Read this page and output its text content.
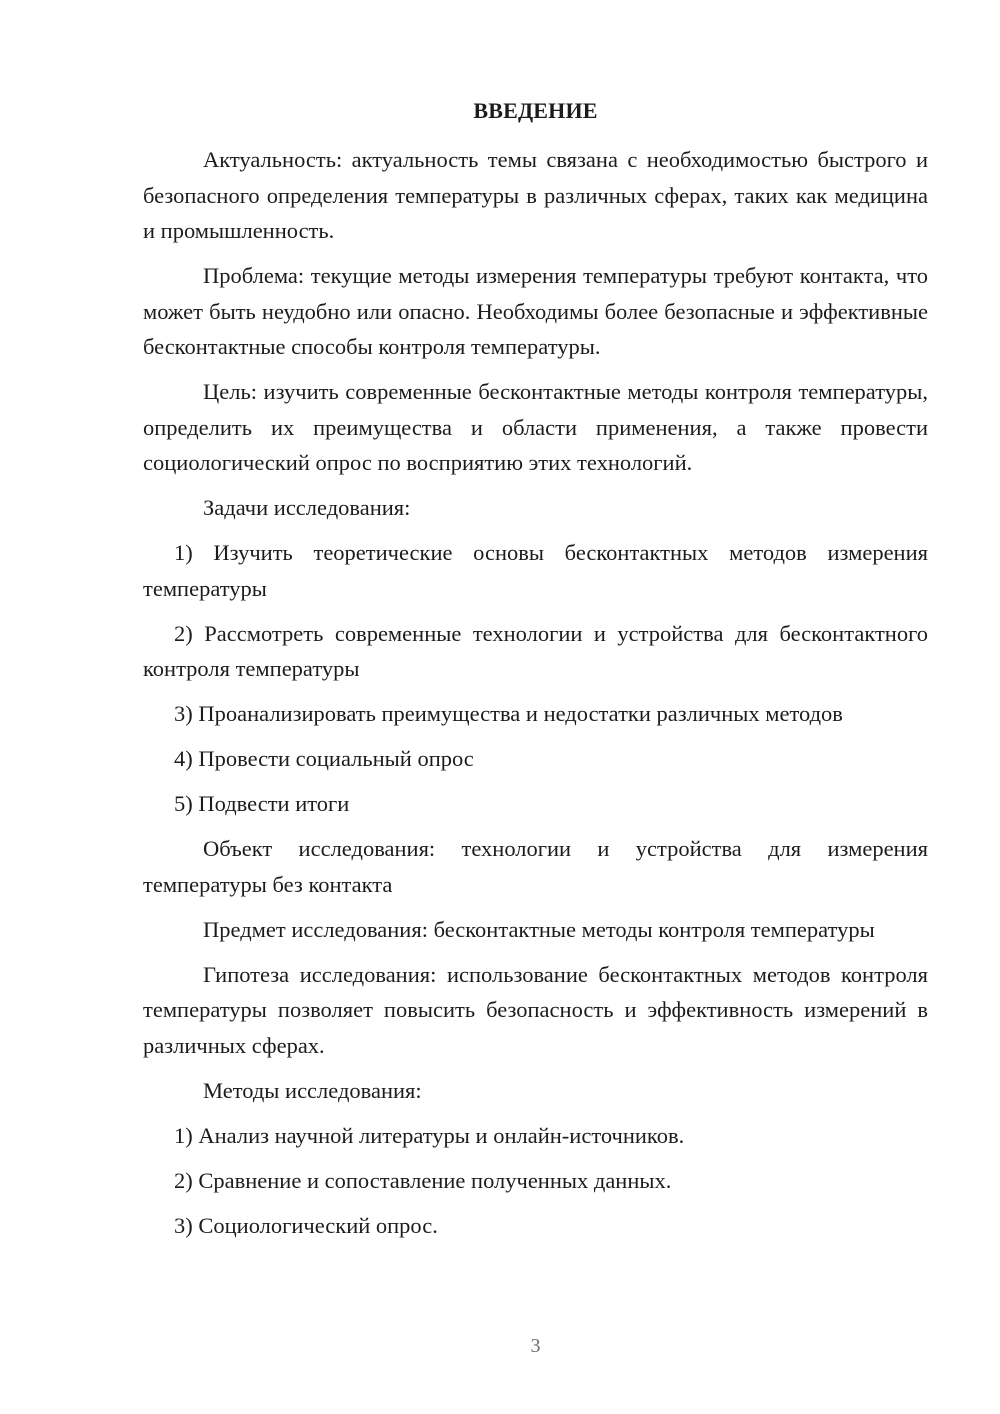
ВВЕДЕНИЕ

Актуальность: актуальность темы связана с необходимостью быстрого и безопасного определения температуры в различных сферах, таких как медицина и промышленность.

Проблема: текущие методы измерения температуры требуют контакта, что может быть неудобно или опасно. Необходимы более безопасные и эффективные бесконтактные способы контроля температуры.

Цель: изучить современные бесконтактные методы контроля температуры, определить их преимущества и области применения, а также провести социологический опрос по восприятию этих технологий.

Задачи исследования:

1) Изучить теоретические основы бесконтактных методов измерения температуры

2) Рассмотреть современные технологии и устройства для бесконтактного контроля температуры

3) Проанализировать преимущества и недостатки различных методов

4) Провести социальный опрос

5) Подвести итоги

Объект исследования: технологии и устройства для измерения температуры без контакта

Предмет исследования: бесконтактные методы контроля температуры

Гипотеза исследования: использование бесконтактных методов контроля температуры позволяет повысить безопасность и эффективность измерений в различных сферах.

Методы исследования:

1) Анализ научной литературы и онлайн-источников.

2) Сравнение и сопоставление полученных данных.

3) Социологический опрос.

3
